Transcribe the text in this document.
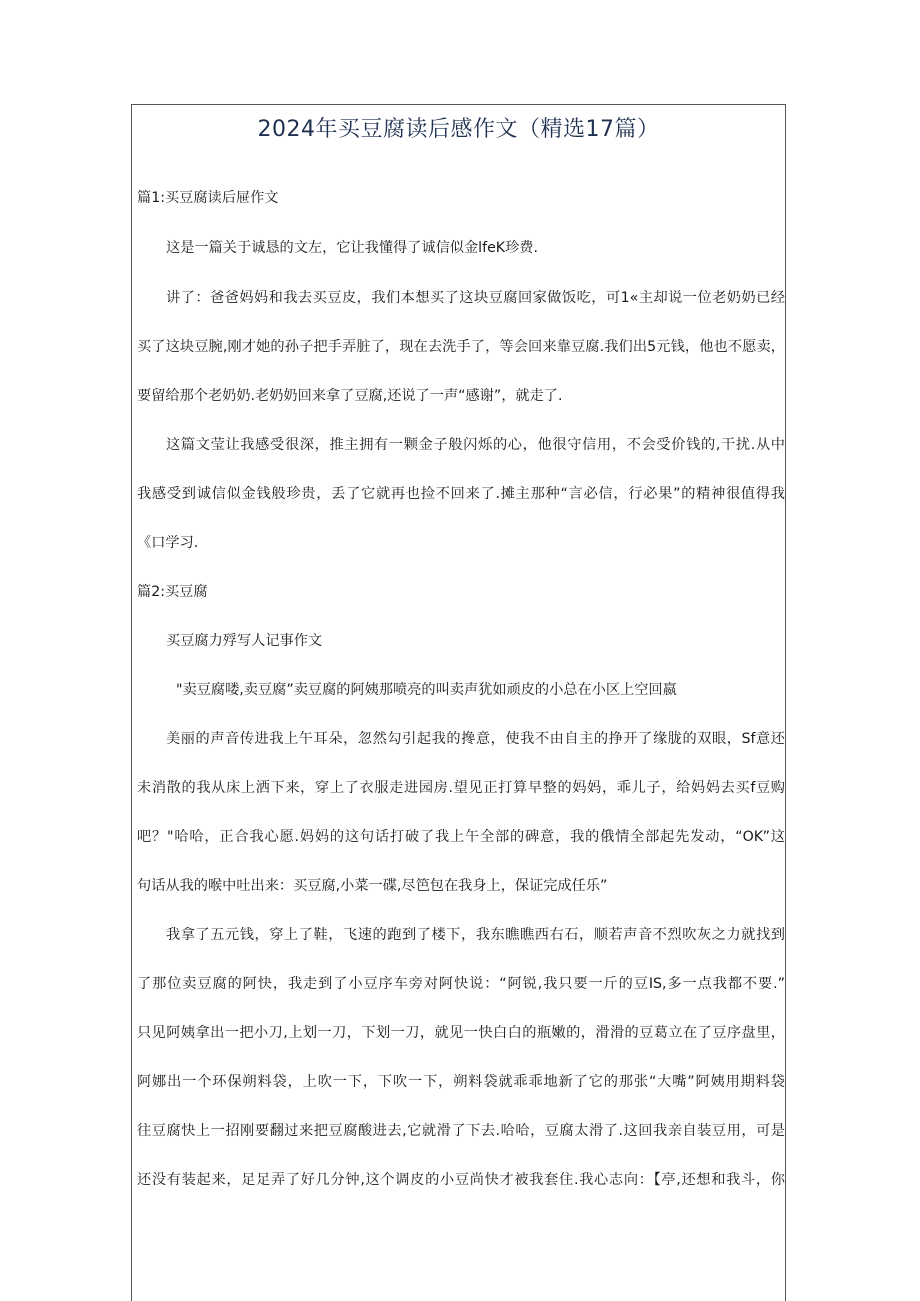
2024年买豆腐读后感作文（精选17篇）
篇1:买豆腐读后屉作文
这是一篇关于诚恳的文左，它让我懂得了诚信似金lfeK珍费.
讲了：爸爸妈妈和我去买豆皮，我们本想买了这块豆腐回家做饭吃，可1«主却说一位老奶奶已经
买了这块豆腕,刚才她的孙子把手弄脏了，现在去洗手了，等会回来靠豆腐.我们出5元钱，他也不愿卖，
要留给那个老奶奶.老奶奶回来拿了豆腐,还说了一声“感谢”，就走了.
这篇文莹让我感受很深，推主拥有一颗金子般闪烁的心，他很守信用，不会受价钱的,干扰.从中
我感受到诚信似金钱般珍贵，丢了它就再也捡不回来了.摊主那种“言必信，行必果”的精神很值得我
《口学习.
篇2:买豆腐
买豆腐力殍写人记事作文
"卖豆腐喽,卖豆腐”卖豆腐的阿姨那喷亮的叫卖声犹如顽皮的小总在小区上空回嬴
美丽的声音传进我上午耳朵，忽然勾引起我的搀意，使我不由自主的挣开了缘胧的双眼，Sf意还
未消散的我从床上洒下来，穿上了衣服走进园房.望见正打算早整的妈妈，乖儿子，给妈妈去买f豆购
吧？"哈哈，正合我心愿.妈妈的这句话打破了我上午全部的碑意，我的俄情全部起先发动，“OK”这
句话从我的喉中吐出来：买豆腐,小菜一碟,尽笆包在我身上，保证完成任乐”
我拿了五元钱，穿上了鞋，飞速的跑到了楼下，我东瞧瞧西右石，顺若声音不烈吹灰之力就找到
了那位卖豆腐的阿快，我走到了小豆序车旁对阿快说：“阿锐,我只要一斤的豆IS,多一点我都不要.”
只见阿姨拿出一把小刀,上划一刀，下划一刀，就见一快白白的瓶嫩的，滑滑的豆葛立在了豆序盘里，
阿娜出一个环保朔料袋，上吹一下，下吹一下，朔料袋就乖乖地新了它的那张“大嘴”阿姨用期料袋
往豆腐快上一招刚要翻过来把豆腐酸进去,它就滑了下去.哈哈，豆腐太滑了.这回我亲自装豆用，可是
还没有装起来，足足弄了好几分钟,这个调皮的小豆尚快才被我套住.我心志向：【亭,还想和我斗，你
